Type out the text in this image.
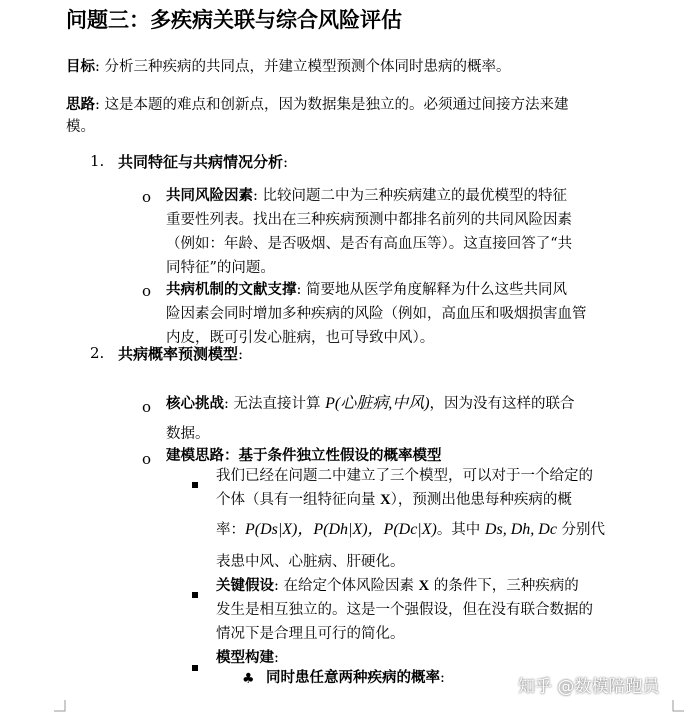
问题三：多疾病关联与综合风险评估
目标: 分析三种疾病的共同点，并建立模型预测个体同时患病的概率。
思路: 这是本题的难点和创新点，因为数据集是独立的。必须通过间接方法来建
模。
1. 共同特征与共病情况分析:
o 共同风险因素: 比较问题二中为三种疾病建立的最优模型的特征
重要性列表。找出在三种疾病预测中都排名前列的共同风险因素
（例如：年龄、是否吸烟、是否有高血压等）。这直接回答了“共
同特征”的问题。
o 共病机制的文献支撑: 简要地从医学角度解释为什么这些共同风
险因素会同时增加多种疾病的风险（例如，高血压和吸烟损害血管
内皮，既可引发心脏病，也可导致中风）。
2. 共病概率预测模型:
o 核心挑战: 无法直接计算 P(心脏病,中风)，因为没有这样的联合
数据。
o 建模思路：基于条件独立性假设的概率模型
我们已经在问题二中建立了三个模型，可以对于一个给定的
个体（具有一组特征向量 X），预测出他患每种疾病的概
率：P(Ds|X)，P(Dh|X)，P(Dc|X)。其中 Ds, Dh, Dc 分别代
表患中风、心脏病、肝硬化。
关键假设: 在给定个体风险因素 X 的条件下，三种疾病的
发生是相互独立的。这是一个强假设，但在没有联合数据的
情况下是合理且可行的简化。
模型构建:
♣ 同时患任意两种疾病的概率:	知乎 @数模陪跑员
